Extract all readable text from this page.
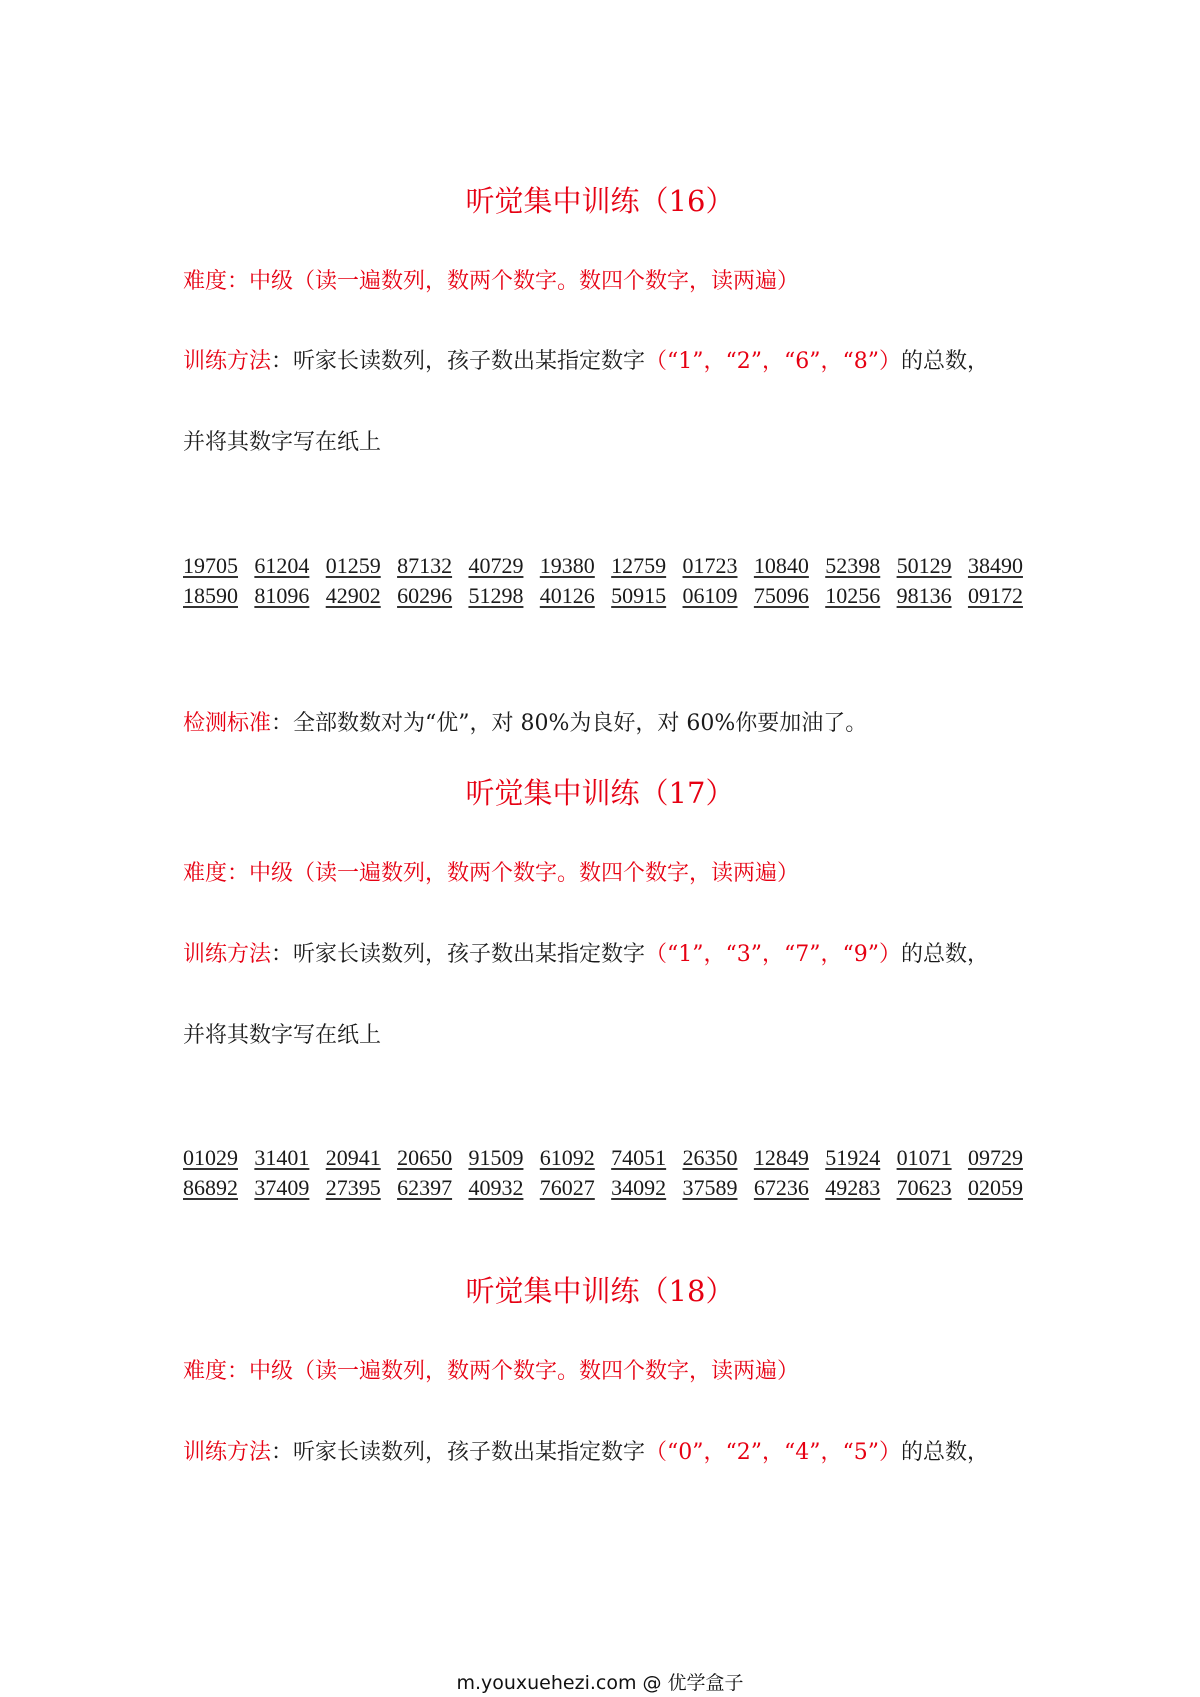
听觉集中训练（16）
难度：中级（读一遍数列，数两个数字。数四个数字，读两遍）
训练方法：听家长读数列，孩子数出某指定数字（“1”，“2”，“6”，“8”）的总数，
并将其数字写在纸上
19705 61204 01259 87132 40729 19380 12759 01723 10840 52398 50129 38490
18590 81096 42902 60296 51298 40126 50915 06109 75096 10256 98136 09172
检测标准：全部数数对为“优”，对 80%为良好，对 60%你要加油了。
听觉集中训练（17）
难度：中级（读一遍数列，数两个数字。数四个数字，读两遍）
训练方法：听家长读数列，孩子数出某指定数字（“1”，“3”，“7”，“9”）的总数，
并将其数字写在纸上
01029 31401 20941 20650 91509 61092 74051 26350 12849 51924 01071 09729
86892 37409 27395 62397 40932 76027 34092 37589 67236 49283 70623 02059
听觉集中训练（18）
难度：中级（读一遍数列，数两个数字。数四个数字，读两遍）
训练方法：听家长读数列，孩子数出某指定数字（“0”，“2”，“4”，“5”）的总数，
m.youxuehezi.com @ 优学盒子
